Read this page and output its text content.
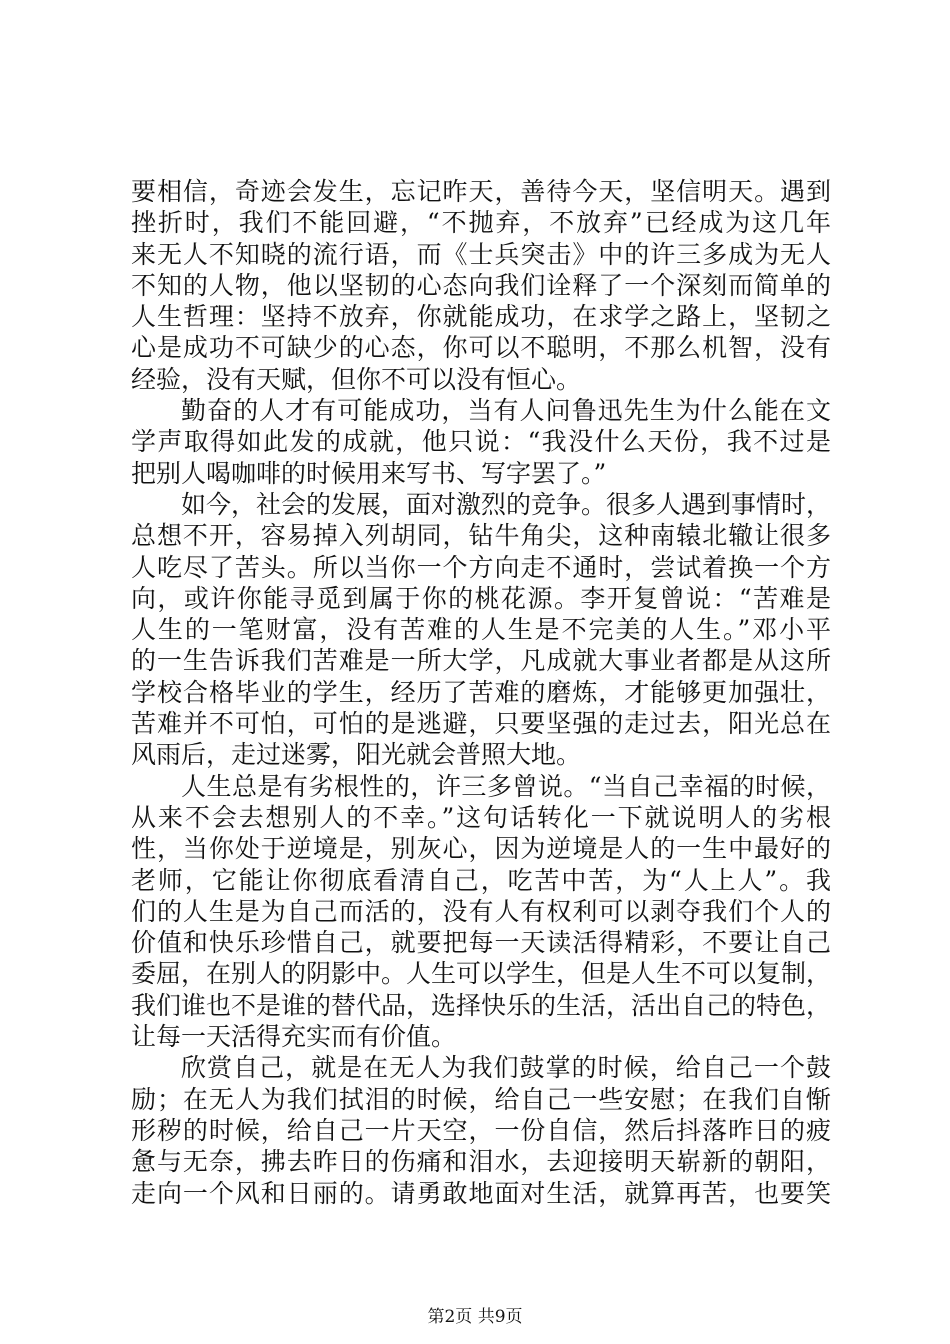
要相信，奇迹会发生，忘记昨天，善待今天，坚信明天。遇到
挫折时，我们不能回避，“不抛弃，不放弃”已经成为这几年
来无人不知晓的流行语，而《士兵突击》中的许三多成为无人
不知的人物，他以坚韧的心态向我们诠释了一个深刻而简单的
人生哲理：坚持不放弃，你就能成功，在求学之路上，坚韧之
心是成功不可缺少的心态，你可以不聪明，不那么机智，没有
经验，没有天赋，但你不可以没有恒心。
勤奋的人才有可能成功，当有人问鲁迅先生为什么能在文
学声取得如此发的成就，他只说：“我没什么天份，我不过是
把别人喝咖啡的时候用来写书、写字罢了。”
如今，社会的发展，面对激烈的竞争。很多人遇到事情时，
总想不开，容易掉入列胡同，钻牛角尖，这种南辕北辙让很多
人吃尽了苦头。所以当你一个方向走不通时，尝试着换一个方
向，或许你能寻觅到属于你的桃花源。李开复曾说：“苦难是
人生的一笔财富，没有苦难的人生是不完美的人生。”邓小平
的一生告诉我们苦难是一所大学，凡成就大事业者都是从这所
学校合格毕业的学生，经历了苦难的磨炼，才能够更加强壮，
苦难并不可怕，可怕的是逃避，只要坚强的走过去，阳光总在
风雨后，走过迷雾，阳光就会普照大地。
人生总是有劣根性的，许三多曾说。“当自己幸福的时候，
从来不会去想别人的不幸。”这句话转化一下就说明人的劣根
性，当你处于逆境是，别灰心，因为逆境是人的一生中最好的
老师，它能让你彻底看清自己，吃苦中苦，为“人上人”。我
们的人生是为自己而活的，没有人有权利可以剥夺我们个人的
价值和快乐珍惜自己，就要把每一天读活得精彩，不要让自己
委屈，在别人的阴影中。人生可以学生，但是人生不可以复制，
我们谁也不是谁的替代品，选择快乐的生活，活出自己的特色，
让每一天活得充实而有价值。
欣赏自己，就是在无人为我们鼓掌的时候，给自己一个鼓
励；在无人为我们拭泪的时候，给自己一些安慰；在我们自惭
形秽的时候，给自己一片天空，一份自信，然后抖落昨日的疲
惫与无奈，拂去昨日的伤痛和泪水，去迎接明天崭新的朝阳，
走向一个风和日丽的。请勇敢地面对生活，就算再苦，也要笑
第2页 共9页
